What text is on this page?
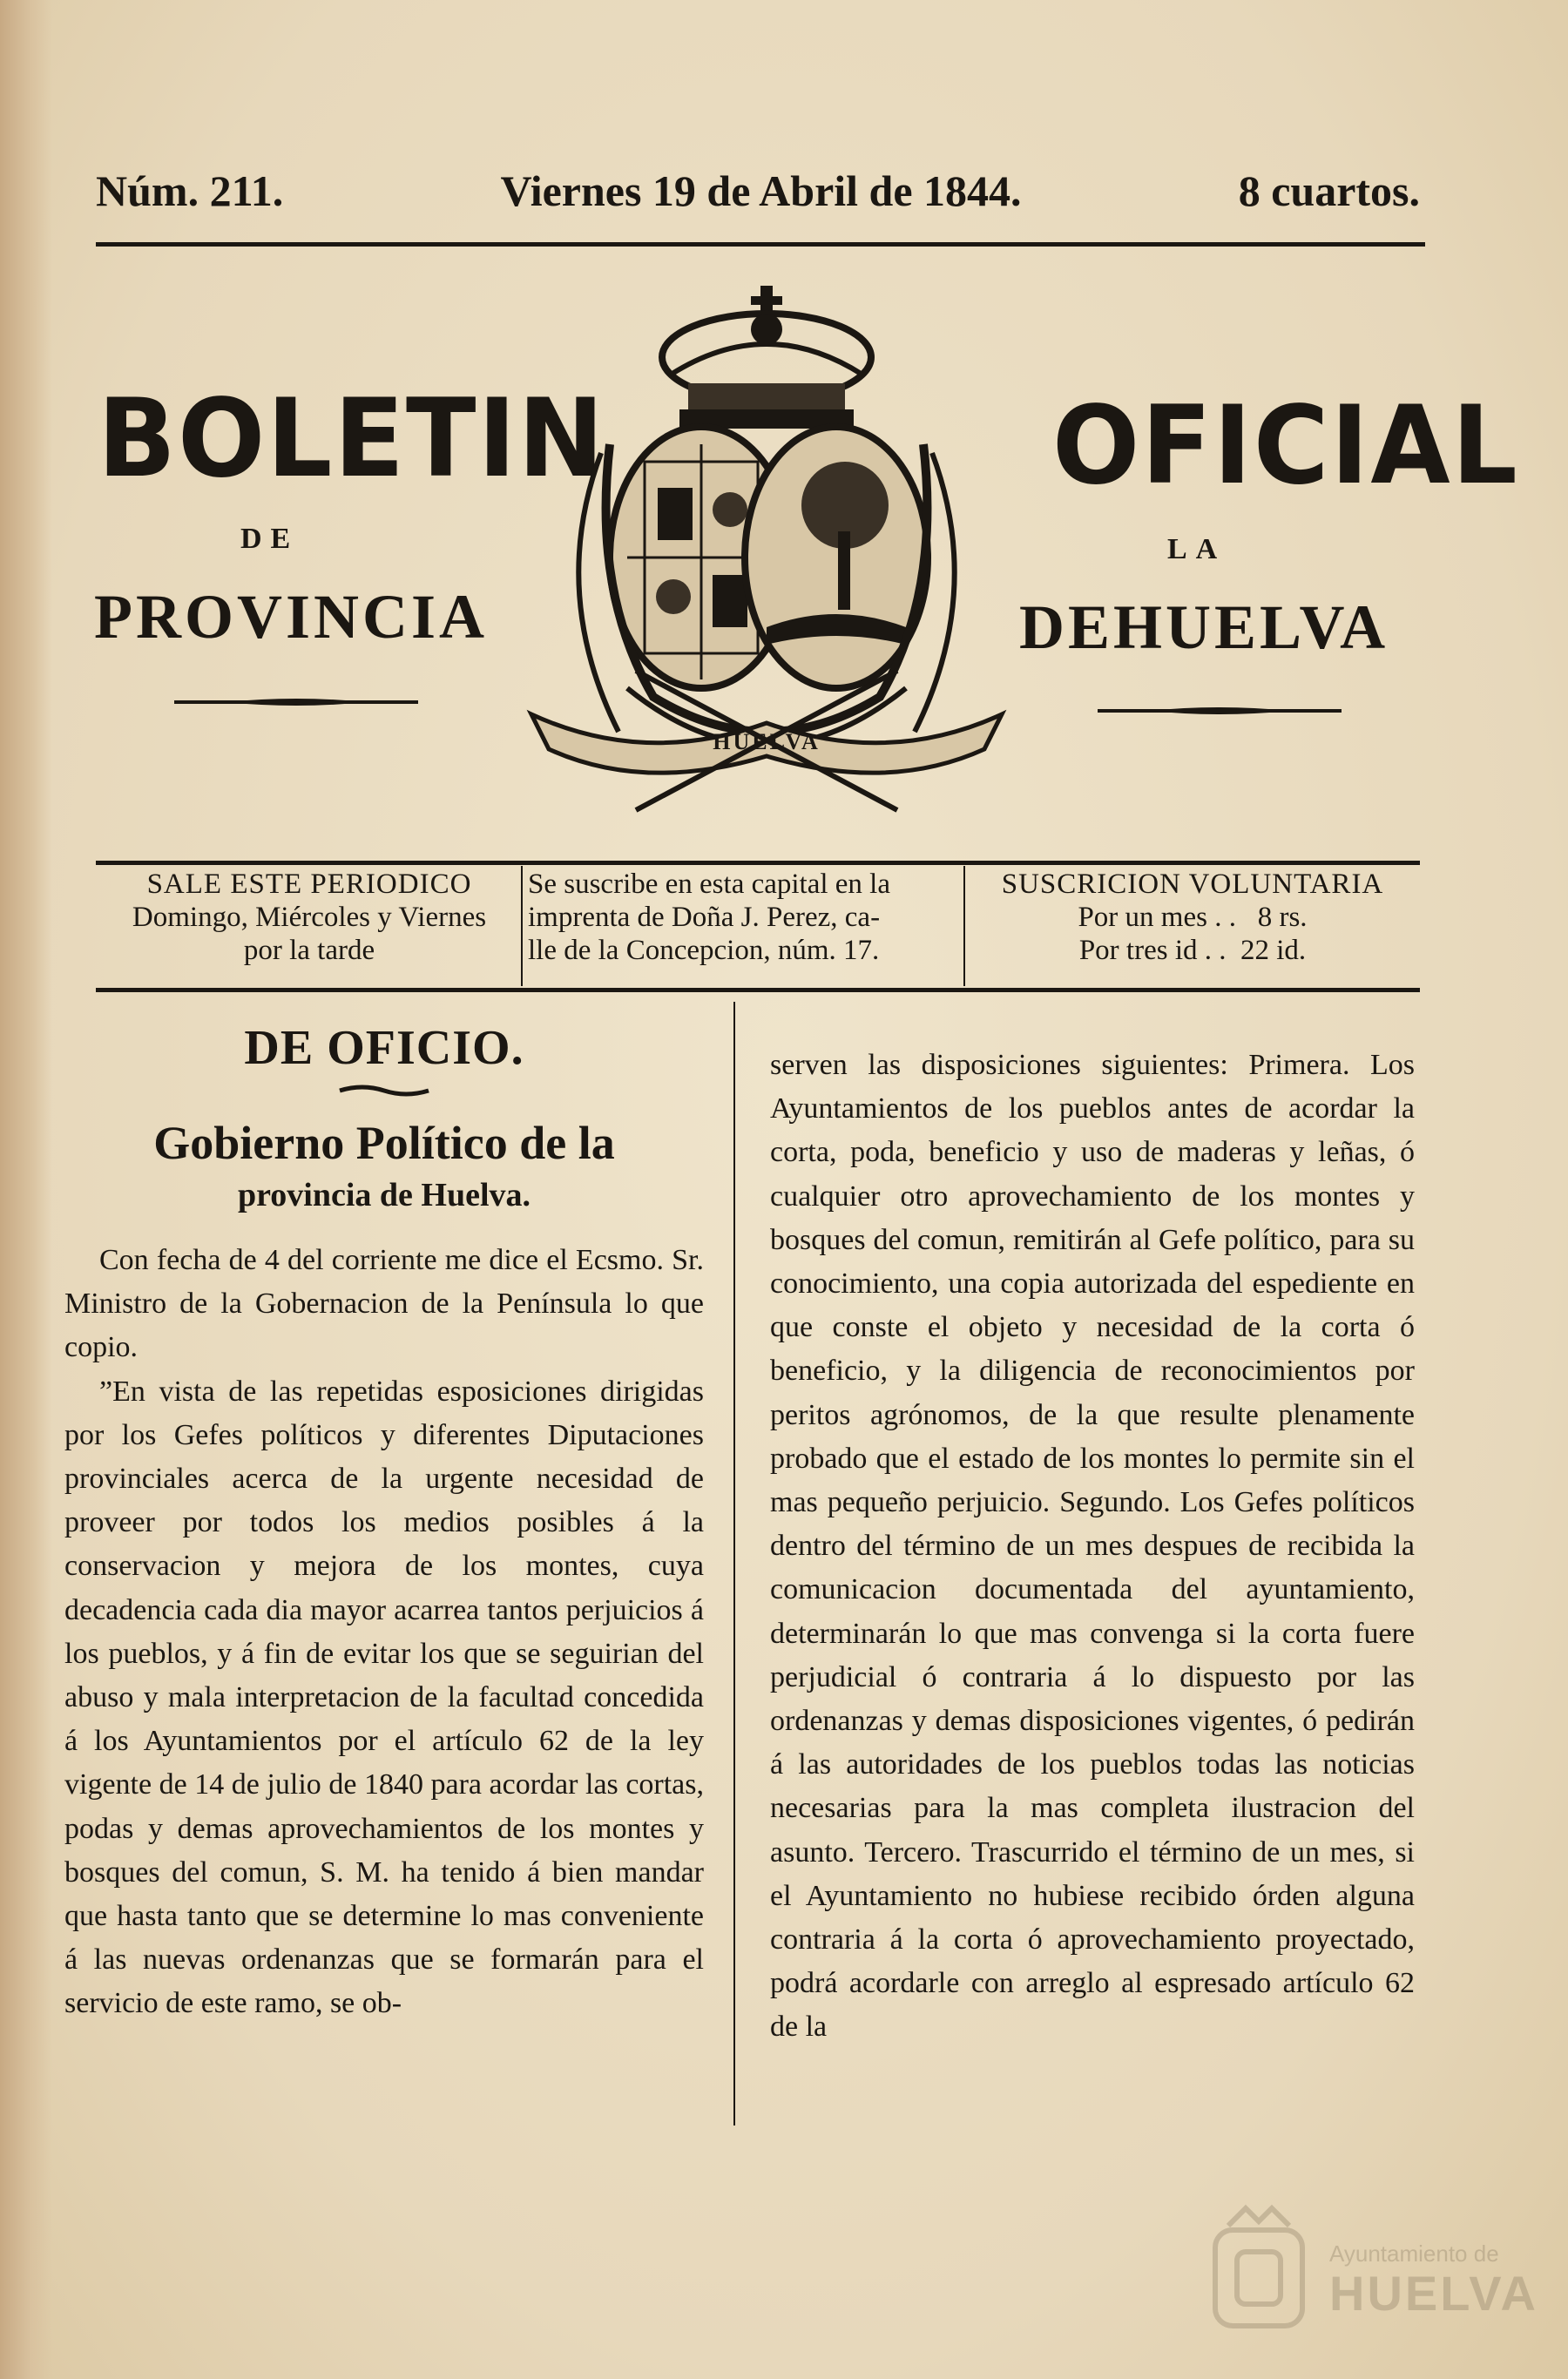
Núm. 211.	Viernes 19 de Abril de 1844.	8 cuartos.
BOLETIN
DE
PROVINCIA
OFICIAL
LA
DEHUELVA
HUELVA
SALE ESTE PERIODICO
Domingo, Miércoles y Viernes
por la tarde
Se suscribe en esta capital en la
imprenta de Doña J. Perez, ca-
lle de la Concepcion, núm. 17.
SUSCRICION VOLUNTARIA
Por un mes . .   8 rs.
Por tres id . .  22 id.
DE OFICIO.
Gobierno Político de la
provincia de Huelva.

Con fecha de 4 del corriente me dice el Ecsmo. Sr. Ministro de la Gobernacion de la Península lo que copio.

”En vista de las repetidas esposiciones dirigidas por los Gefes políticos y diferentes Diputaciones provinciales acerca de la urgente necesidad de proveer por todos los medios posibles á la conservacion y mejora de los montes, cuya decadencia cada dia mayor acarrea tantos perjuicios á los pueblos, y á fin de evitar los que se seguirian del abuso y mala interpretacion de la facultad concedida á los Ayuntamientos por el artículo 62 de la ley vigente de 14 de julio de 1840 para acordar las cortas, podas y demas aprovechamientos de los montes y bosques del comun, S. M. ha tenido á bien mandar que hasta tanto que se determine lo mas conveniente á las nuevas ordenanzas que se formarán para el servicio de este ramo, se ob-

serven las disposiciones siguientes: Primera. Los Ayuntamientos de los pueblos antes de acordar la corta, poda, beneficio y uso de maderas y leñas, ó cualquier otro aprovechamiento de los montes y bosques del comun, remitirán al Gefe político, para su conocimiento, una copia autorizada del espediente en que conste el objeto y necesidad de la corta ó beneficio, y la diligencia de reconocimientos por peritos agrónomos, de la que resulte plenamente probado que el estado de los montes lo permite sin el mas pequeño perjuicio. Segundo. Los Gefes políticos dentro del término de un mes despues de recibida la comunicacion documentada del ayuntamiento, determinarán lo que mas convenga si la corta fuere perjudicial ó contraria á lo dispuesto por las ordenanzas y demas disposiciones vigentes, ó pedirán á las autoridades de los pueblos todas las noticias necesarias para la mas completa ilustracion del asunto. Tercero. Trascurrido el término de un mes, si el Ayuntamiento no hubiese recibido órden alguna contraria á la corta ó aprovechamiento proyectado, podrá acordarle con arreglo al espresado artículo 62 de la

Ayuntamiento de
HUELVA
